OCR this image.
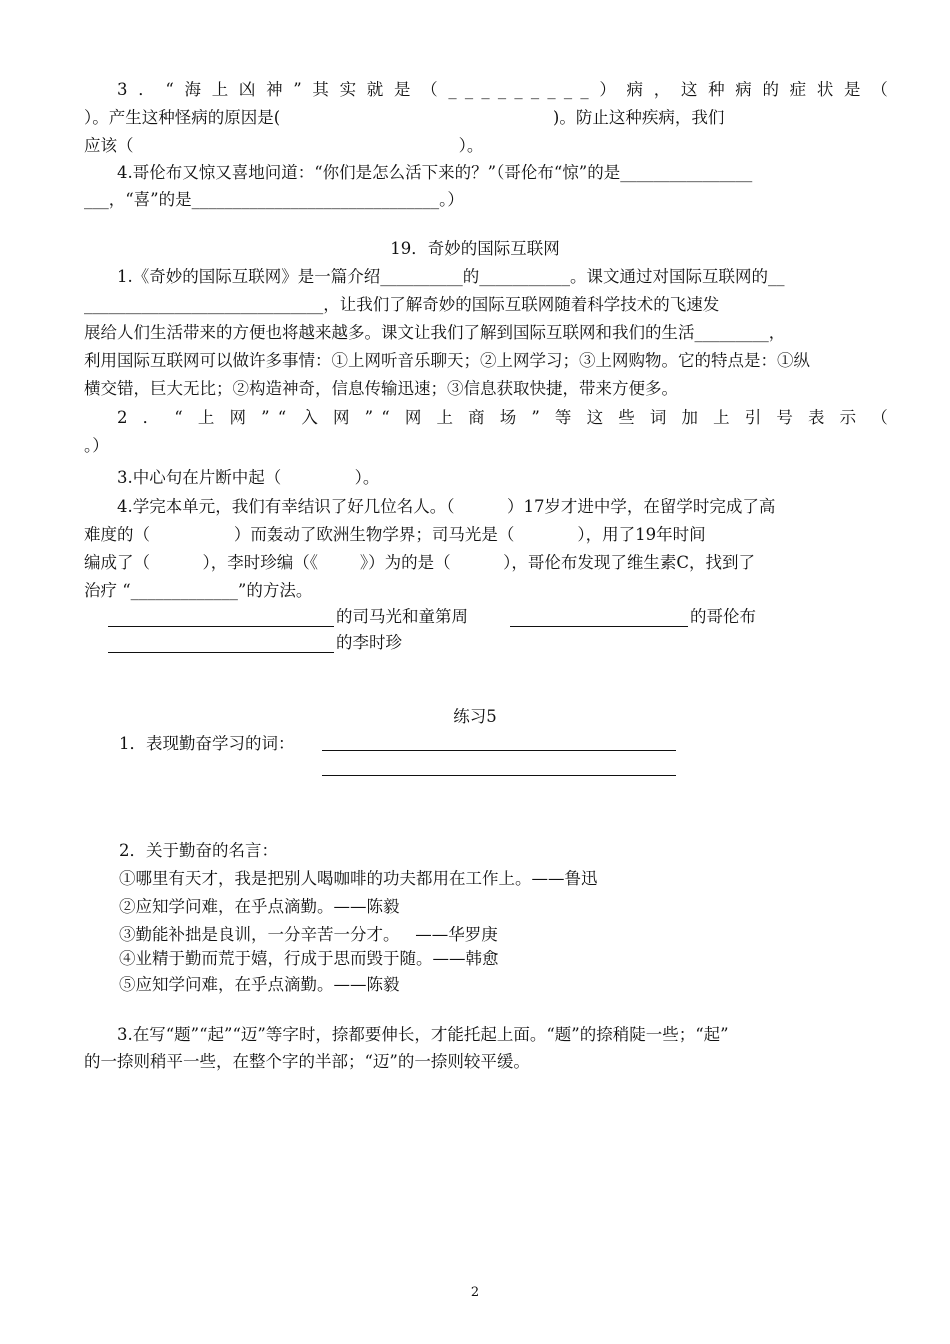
3．“海上凶神”其实就是（_________）病，这种病的症状是（

）。产生这种怪病的原因是(                                                    )。防止这种疾病，我们

应该（                                                              ）。

4.哥伦布又惊又喜地问道：“你们是怎么活下来的？”（哥伦布“惊”的是________________

___，“喜”的是______________________________。）

19．奇妙的国际互联网

1.《奇妙的国际互联网》是一篇介绍__________的___________。课文通过对国际互联网的__

_____________________________，让我们了解奇妙的国际互联网随着科学技术的飞速发

展给人们生活带来的方便也将越来越多。课文让我们了解到国际互联网和我们的生活_________，

利用国际互联网可以做许多事情：①上网听音乐聊天；②上网学习；③上网购物。它的特点是：①纵

横交错，巨大无比；②构造神奇，信息传输迅速；③信息获取快捷，带来方便多。

2．“上网”“入网”“网上商场”等这些词加上引号表示（

。）

3.中心句在片断中起（              ）。

4.学完本单元，我们有幸结识了好几位名人。（          ）17岁才进中学，在留学时完成了高

难度的（                ）而轰动了欧洲生物学界；司马光是（            ），用了19年时间

编成了（          ），李时珍编（《        》）为的是（          ），哥伦布发现了维生素C，找到了

治疗 “_____________”的方法。

的司马光和童第周	的哥伦布
的李时珍
练习5
1．表现勤奋学习的词：
2．关于勤奋的名言：
①哪里有天才，我是把别人喝咖啡的功夫都用在工作上。——鲁迅
②应知学问难，在乎点滴勤。——陈毅
③勤能补拙是良训，一分辛苦一分才。   ——华罗庚
④业精于勤而荒于嬉，行成于思而毁于随。——韩愈
⑤应知学问难，在乎点滴勤。——陈毅

3.在写“题”“起”“迈”等字时，捺都要伸长，才能托起上面。“题”的捺稍陡一些；“起”

的一捺则稍平一些，在整个字的半部；“迈”的一捺则较平缓。

2
